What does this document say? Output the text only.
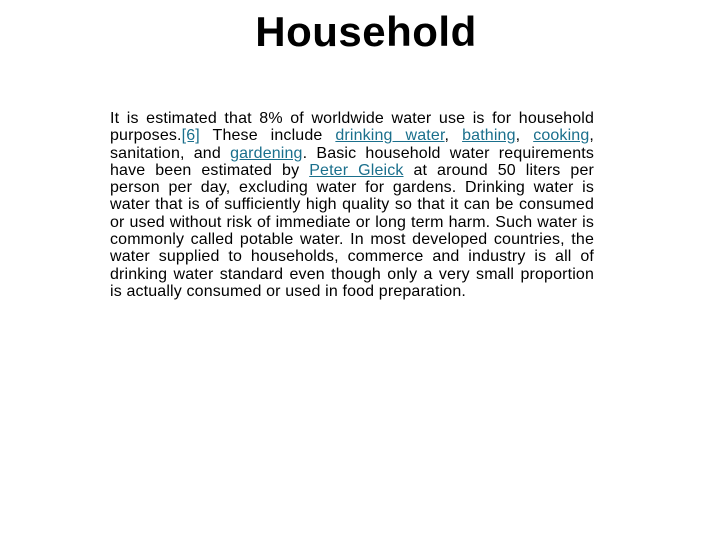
Household
It is estimated that 8% of worldwide water use is for household purposes.[6] These include drinking water, bathing, cooking, sanitation, and gardening. Basic household water requirements have been estimated by Peter Gleick at around 50 liters per person per day, excluding water for gardens. Drinking water is water that is of sufficiently high quality so that it can be consumed or used without risk of immediate or long term harm. Such water is commonly called potable water. In most developed countries, the water supplied to households, commerce and industry is all of drinking water standard even though only a very small proportion is actually consumed or used in food preparation.
